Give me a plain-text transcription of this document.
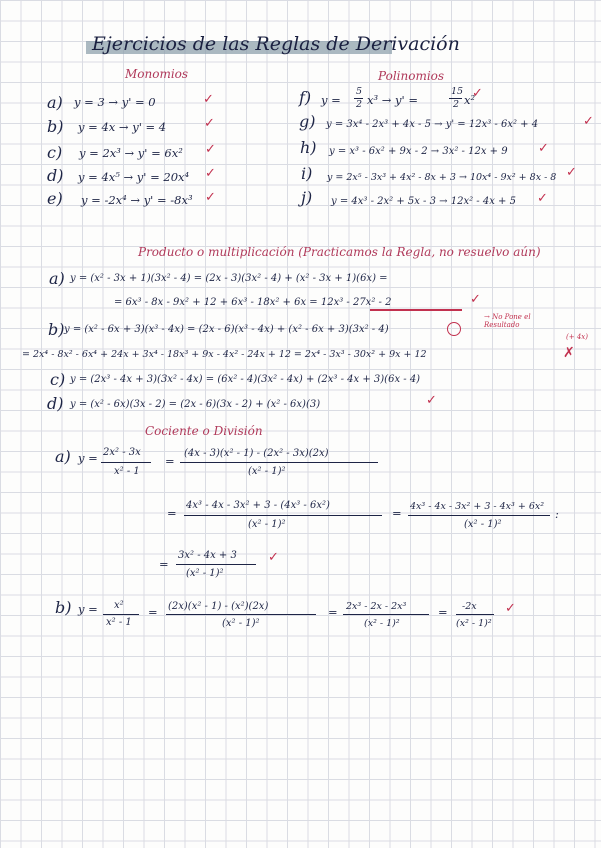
Ejercicios de las Reglas de Derivación
Monomios	Polinomios
a) y = 3 → y' = 0	✓
b) y = 4x → y' = 4	✓
c) y = 2x³ → y' = 6x² ✓
d) y = 4x⁵ → y' = 20x⁴ ✓
e) y = -2x⁴ → y' = -8x³ ✓
f) y =
5
2 x³ → y' =
15
2 x²
✓
g) y = 3x⁴ - 2x³ + 4x - 5 → y' = 12x³ - 6x² + 4	✓
h) y = x³ - 6x² + 9x - 2 → 3x² - 12x + 9 ✓
i) y = 2x⁵ - 3x³ + 4x² - 8x + 3 → 10x⁴ - 9x² + 8x - 8 ✓
j) y = 4x³ - 2x² + 5x - 3 → 12x² - 4x + 5 ✓
Producto o multiplicación (Practicamos la Regla, no resuelvo aún)
a) y = (x² - 3x + 1)(3x² - 4) = (2x - 3)(3x² - 4) + (x² - 3x + 1)(6x) =
= 6x³ - 8x - 9x² + 12 + 6x³ - 18x² + 6x = 12x³ - 27x² - 2	✓
→ No Pone el Resultado
b) y = (x² - 6x + 3)(x³ - 4x) = (2x - 6)(x³ - 4x) + (x² - 6x + 3)(3x² - 4)
(+ 4x)
= 2x⁴ - 8x² - 6x⁴ + 24x + 3x⁴ - 18x³ + 9x - 4x² - 24x + 12 = 2x⁴ - 3x³ - 30x² + 9x + 12	✗
c) y = (2x³ - 4x + 3)(3x² - 4x) = (6x² - 4)(3x² - 4x) + (2x³ - 4x + 3)(6x - 4)
d) y = (x² - 6x)(3x - 2) = (2x - 6)(3x - 2) + (x² - 6x)(3)	✓
Cociente o División
a) y = 2x² - 3x
x² - 1
=
(4x - 3)(x² - 1) - (2x² - 3x)(2x)
(x² - 1)²
=
4x³ - 4x - 3x² + 3 - (4x³ - 6x²)
(x² - 1)²
= 4x³ - 4x - 3x² + 3 - 4x³ + 6x²
(x² - 1)²
:
=
3x² - 4x + 3
(x² - 1)²
✓
b) y = x²
x² - 1
= (2x)(x² - 1) - (x²)(2x)
(x² - 1)²
= 2x³ - 2x - 2x³
(x² - 1)²
= -2x
(x² - 1)²
✓
